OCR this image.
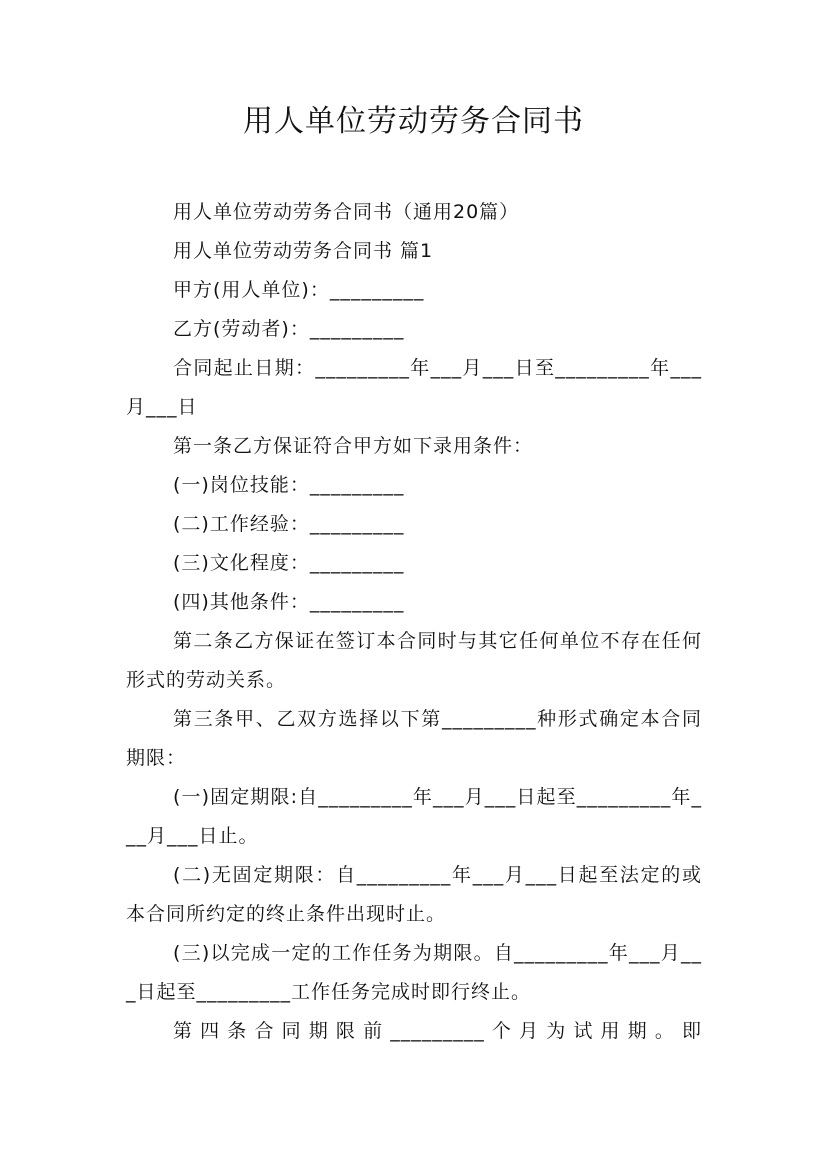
用人单位劳动劳务合同书
用人单位劳动劳务合同书（通用20篇）
用人单位劳动劳务合同书 篇1
甲方(用人单位)：_________
乙方(劳动者)：_________
合同起止日期：_________年___月___日至_________年___月___日
第一条乙方保证符合甲方如下录用条件：
(一)岗位技能：_________
(二)工作经验：_________
(三)文化程度：_________
(四)其他条件：_________
第二条乙方保证在签订本合同时与其它任何单位不存在任何形式的劳动关系。
第三条甲、乙双方选择以下第_________种形式确定本合同期限：
(一)固定期限:自_________年___月___日起至_________年___月___日止。
(二)无固定期限：自_________年___月___日起至法定的或本合同所约定的终止条件出现时止。
(三)以完成一定的工作任务为期限。自_________年___月___日起至_________工作任务完成时即行终止。
第四条合同期限前_________个月为试用期。即
